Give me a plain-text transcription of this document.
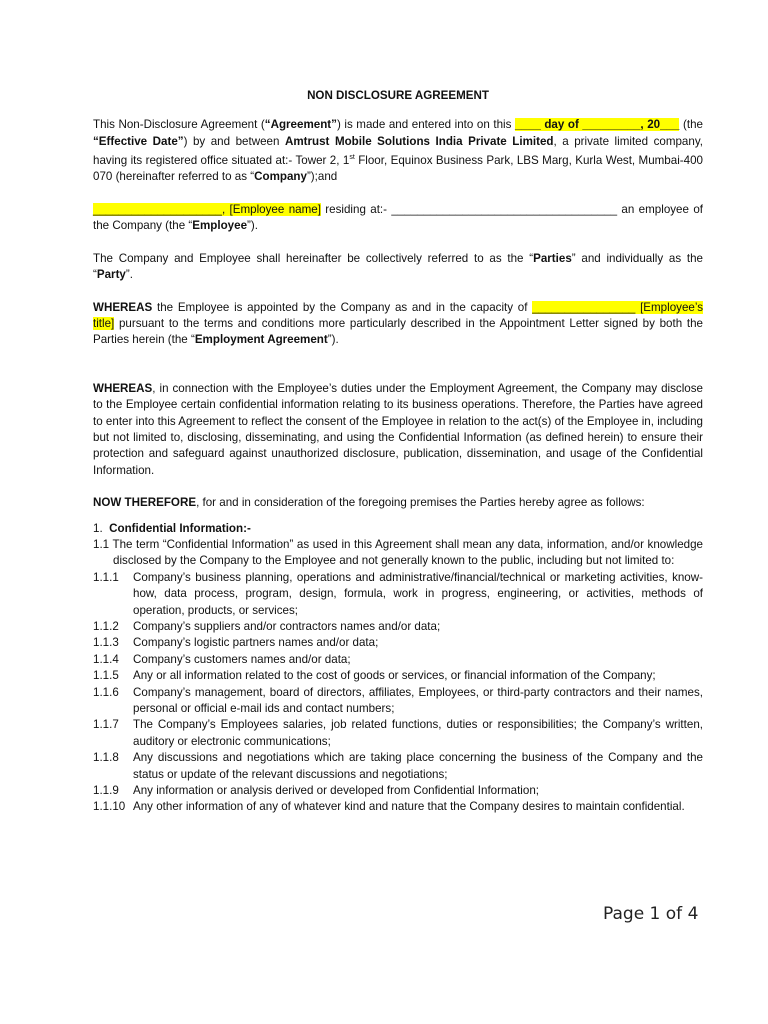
NON DISCLOSURE AGREEMENT

This Non-Disclosure Agreement (“Agreement”) is made and entered into on this ____ day of _________, 20___ (the “Effective Date”) by and between Amtrust Mobile Solutions India Private Limited, a private limited company, having its registered office situated at:- Tower 2, 1st Floor, Equinox Business Park, LBS Marg, Kurla West, Mumbai-400 070 (hereinafter referred to as “Company”);and

____________________, [Employee name] residing at:- ___________________________________ an employee of the Company (the “Employee”).

The Company and Employee shall hereinafter be collectively referred to as the “Parties” and individually as the “Party”.

WHEREAS the Employee is appointed by the Company as and in the capacity of ________________ [Employee’s title] pursuant to the terms and conditions more particularly described in the Appointment Letter signed by both the Parties herein (the “Employment Agreement”).

WHEREAS, in connection with the Employee’s duties under the Employment Agreement, the Company may disclose to the Employee certain confidential information relating to its business operations. Therefore, the Parties have agreed to enter into this Agreement to reflect the consent of the Employee in relation to the act(s) of the Employee in, including but not limited to, disclosing, disseminating, and using the Confidential Information (as defined herein) to ensure their protection and safeguard against unauthorized disclosure, publication, dissemination, and usage of the Confidential Information.

NOW THEREFORE, for and in consideration of the foregoing premises the Parties hereby agree as follows:

1. Confidential Information:-

1.1 The term “Confidential Information” as used in this Agreement shall mean any data, information, and/or knowledge disclosed by the Company to the Employee and not generally known to the public, including but not limited to:

1.1.1 Company’s business planning, operations and administrative/financial/technical or marketing activities, know-how, data process, program, design, formula, work in progress, engineering, or activities, methods of operation, products, or services;
1.1.2 Company’s suppliers and/or contractors names and/or data;
1.1.3 Company’s logistic partners names and/or data;
1.1.4 Company’s customers names and/or data;
1.1.5 Any or all information related to the cost of goods or services, or financial information of the Company;
1.1.6 Company’s management, board of directors, affiliates, Employees, or third-party contractors and their names, personal or official e-mail ids and contact numbers;
1.1.7 The Company’s Employees salaries, job related functions, duties or responsibilities; the Company’s written, auditory or electronic communications;
1.1.8 Any discussions and negotiations which are taking place concerning the business of the Company and the status or update of the relevant discussions and negotiations;
1.1.9 Any information or analysis derived or developed from Confidential Information;
1.1.10 Any other information of any of whatever kind and nature that the Company desires to maintain confidential.
Page 1 of 4
